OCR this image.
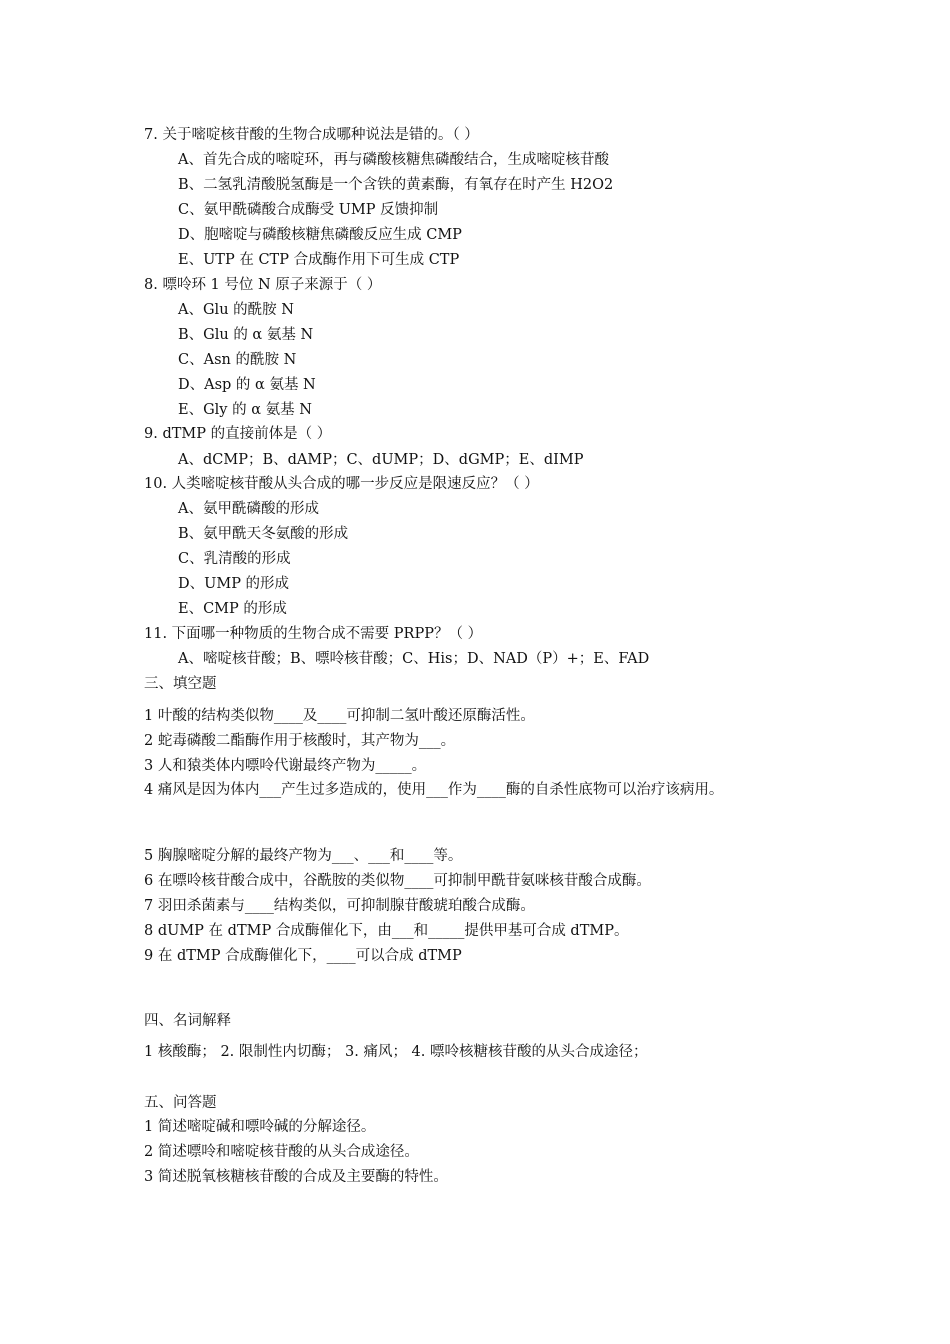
7. 关于嘧啶核苷酸的生物合成哪种说法是错的。（ ）
A、首先合成的嘧啶环，再与磷酸核糖焦磷酸结合，生成嘧啶核苷酸
B、二氢乳清酸脱氢酶是一个含铁的黄素酶，有氧存在时产生 H2O2
C、氨甲酰磷酸合成酶受 UMP 反馈抑制
D、胞嘧啶与磷酸核糖焦磷酸反应生成 CMP
E、UTP 在 CTP 合成酶作用下可生成 CTP
8. 嘌呤环 1 号位 N 原子来源于（ ）
A、Glu 的酰胺 N
B、Glu 的 α 氨基 N
C、Asn 的酰胺 N
D、Asp 的 α 氨基 N
E、Gly 的 α 氨基 N
9. dTMP 的直接前体是（ ）
A、dCMP；B、dAMP；C、dUMP；D、dGMP；E、dIMP
10. 人类嘧啶核苷酸从头合成的哪一步反应是限速反应？（ ）
A、氨甲酰磷酸的形成
B、氨甲酰天冬氨酸的形成
C、乳清酸的形成
D、UMP 的形成
E、CMP 的形成
11. 下面哪一种物质的生物合成不需要 PRPP？（ ）
A、嘧啶核苷酸；B、嘌呤核苷酸；C、His；D、NAD（P）+；E、FAD
三、填空题
1 叶酸的结构类似物____及____可抑制二氢叶酸还原酶活性。
2 蛇毒磷酸二酯酶作用于核酸时，其产物为___。
3 人和猿类体内嘌呤代谢最终产物为_____。
4 痛风是因为体内___产生过多造成的，使用___作为____酶的自杀性底物可以治疗该病用。
5 胸腺嘧啶分解的最终产物为___、___和____等。
6 在嘌呤核苷酸合成中，谷酰胺的类似物____可抑制甲酰苷氨咪核苷酸合成酶。
7 羽田杀菌素与____结构类似，可抑制腺苷酸琥珀酸合成酶。
8 dUMP 在 dTMP 合成酶催化下，由___和_____提供甲基可合成 dTMP。
9 在 dTMP 合成酶催化下，____可以合成 dTMP
四、名词解释
1 核酸酶； 2. 限制性内切酶； 3. 痛风； 4. 嘌呤核糖核苷酸的从头合成途径；
五、问答题
1 简述嘧啶碱和嘌呤碱的分解途径。
2 简述嘌呤和嘧啶核苷酸的从头合成途径。
3 简述脱氧核糖核苷酸的合成及主要酶的特性。
